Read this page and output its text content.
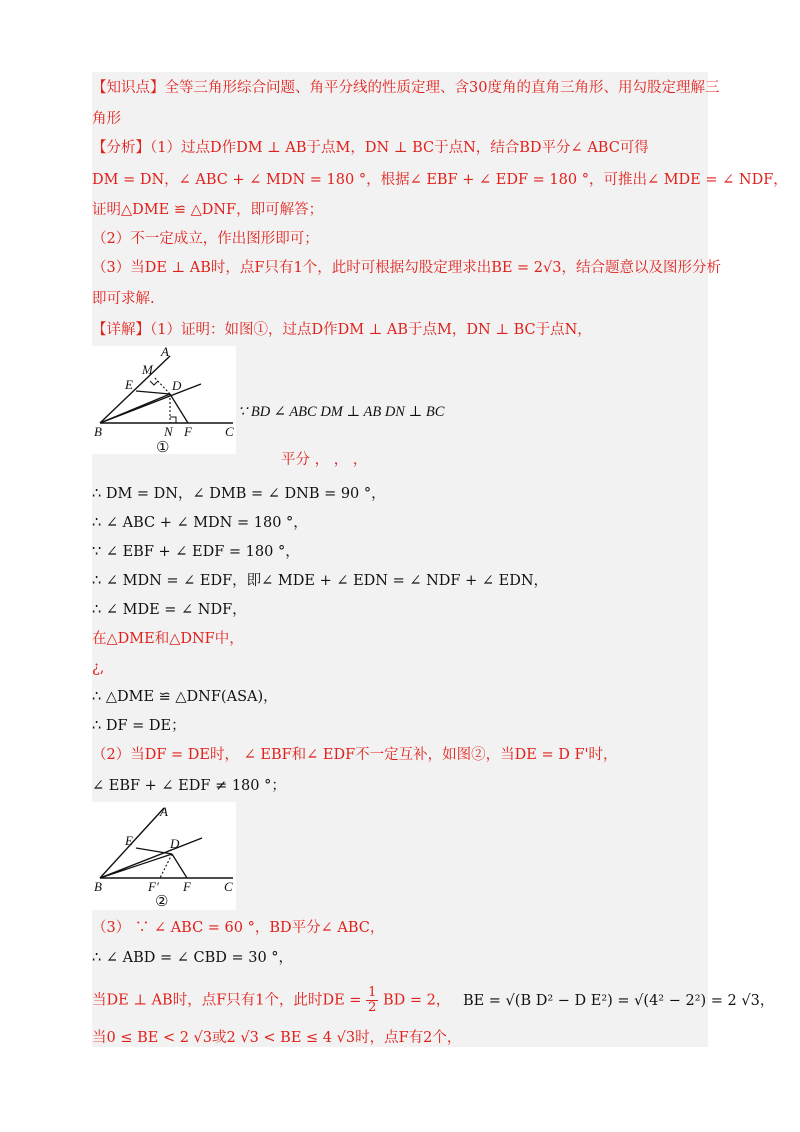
【知识点】全等三角形综合问题、角平分线的性质定理、含30度角的直角三角形、用勾股定理解三
角形
【分析】（1）过点D作DM ⊥ AB于点M，DN ⊥ BC于点N，结合BD平分∠ ABC可得
DM = DN，∠ ABC + ∠ MDN = 180 °，根据∠ EBF + ∠ EDF = 180 °，可推出∠ MDE = ∠ NDF，
证明△DME ≌ △DNF，即可解答；
（2）不一定成立，作出图形即可；
（3）当DE ⊥ AB时，点F只有1个，此时可根据勾股定理求出BE = 2√3，结合题意以及图形分析
即可求解.
【详解】（1）证明：如图①，过点D作DM ⊥ AB于点M，DN ⊥ BC于点N，
A
M
E	D
B	N F	C
①
∵ BD ∠ ABC DM ⊥ AB DN ⊥ BC
平分 ， ， ，
∴ DM = DN，∠ DMB = ∠ DNB = 90 °，
∴ ∠ ABC + ∠ MDN = 180 °，
∵ ∠ EBF + ∠ EDF = 180 °，
∴ ∠ MDN = ∠ EDF，即∠ MDE + ∠ EDN = ∠ NDF + ∠ EDN，
∴ ∠ MDE = ∠ NDF，
在△DME和△DNF中，
¿,
∴ △DME ≌ △DNF(ASA)，
∴ DF = DE；
（2）当DF = DE时， ∠ EBF和∠ EDF不一定互补，如图②，当DE = D F'时，
∠ EBF + ∠ EDF ≠ 180 °；
A
E	D
B	F′ F	C
②
（3） ∵ ∠ ABC = 60 °，BD平分∠ ABC，
∴ ∠ ABD = ∠ CBD = 30 °，
当DE ⊥ AB时，点F只有1个，此时DE = $\frac{1}{2}$ BD = 2， BE = √(B D² − D E²) = √(4² − 2²) = 2 √3，
当0 ≤ BE < 2 √3或2 √3 < BE ≤ 4 √3时，点F有2个，
